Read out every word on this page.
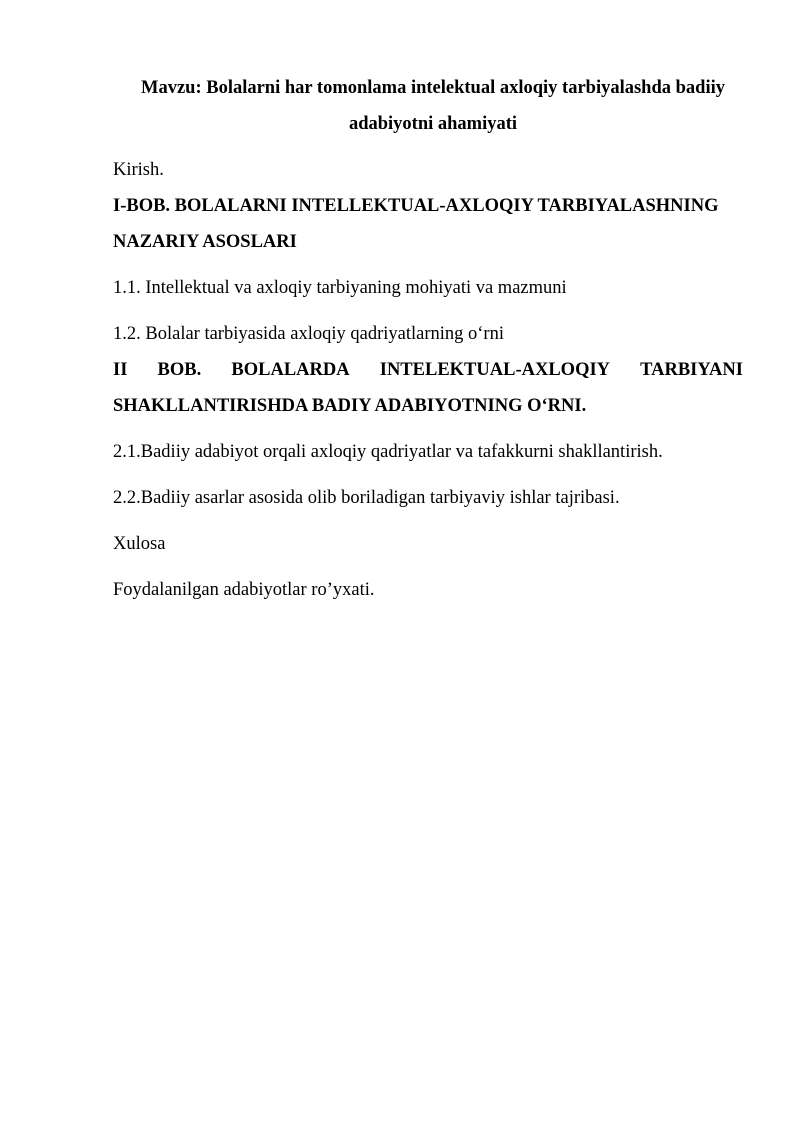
Mavzu: Bolalarni har tomonlama intelektual axloqiy tarbiyalashda badiiy adabiyotni ahamiyati

Kirish.

I-BOB. BOLALARNI INTELLEKTUAL-AXLOQIY TARBIYALASHNING

NAZARIY ASOSLARI

1.1. Intellektual va axloqiy tarbiyaning mohiyati va mazmuni

1.2. Bolalar tarbiyasida axloqiy qadriyatlarning o‘rni

II BOB. BOLALARDA INTELEKTUAL-AXLOQIY TARBIYANI

SHAKLLANTIRISHDA BADIY ADABIYOTNING O‘RNI.

2.1.Badiiy adabiyot orqali axloqiy qadriyatlar va tafakkurni shakllantirish.

2.2.Badiiy asarlar asosida olib boriladigan tarbiyaviy ishlar tajribasi.

Xulosa

Foydalanilgan adabiyotlar ro’yxati.
